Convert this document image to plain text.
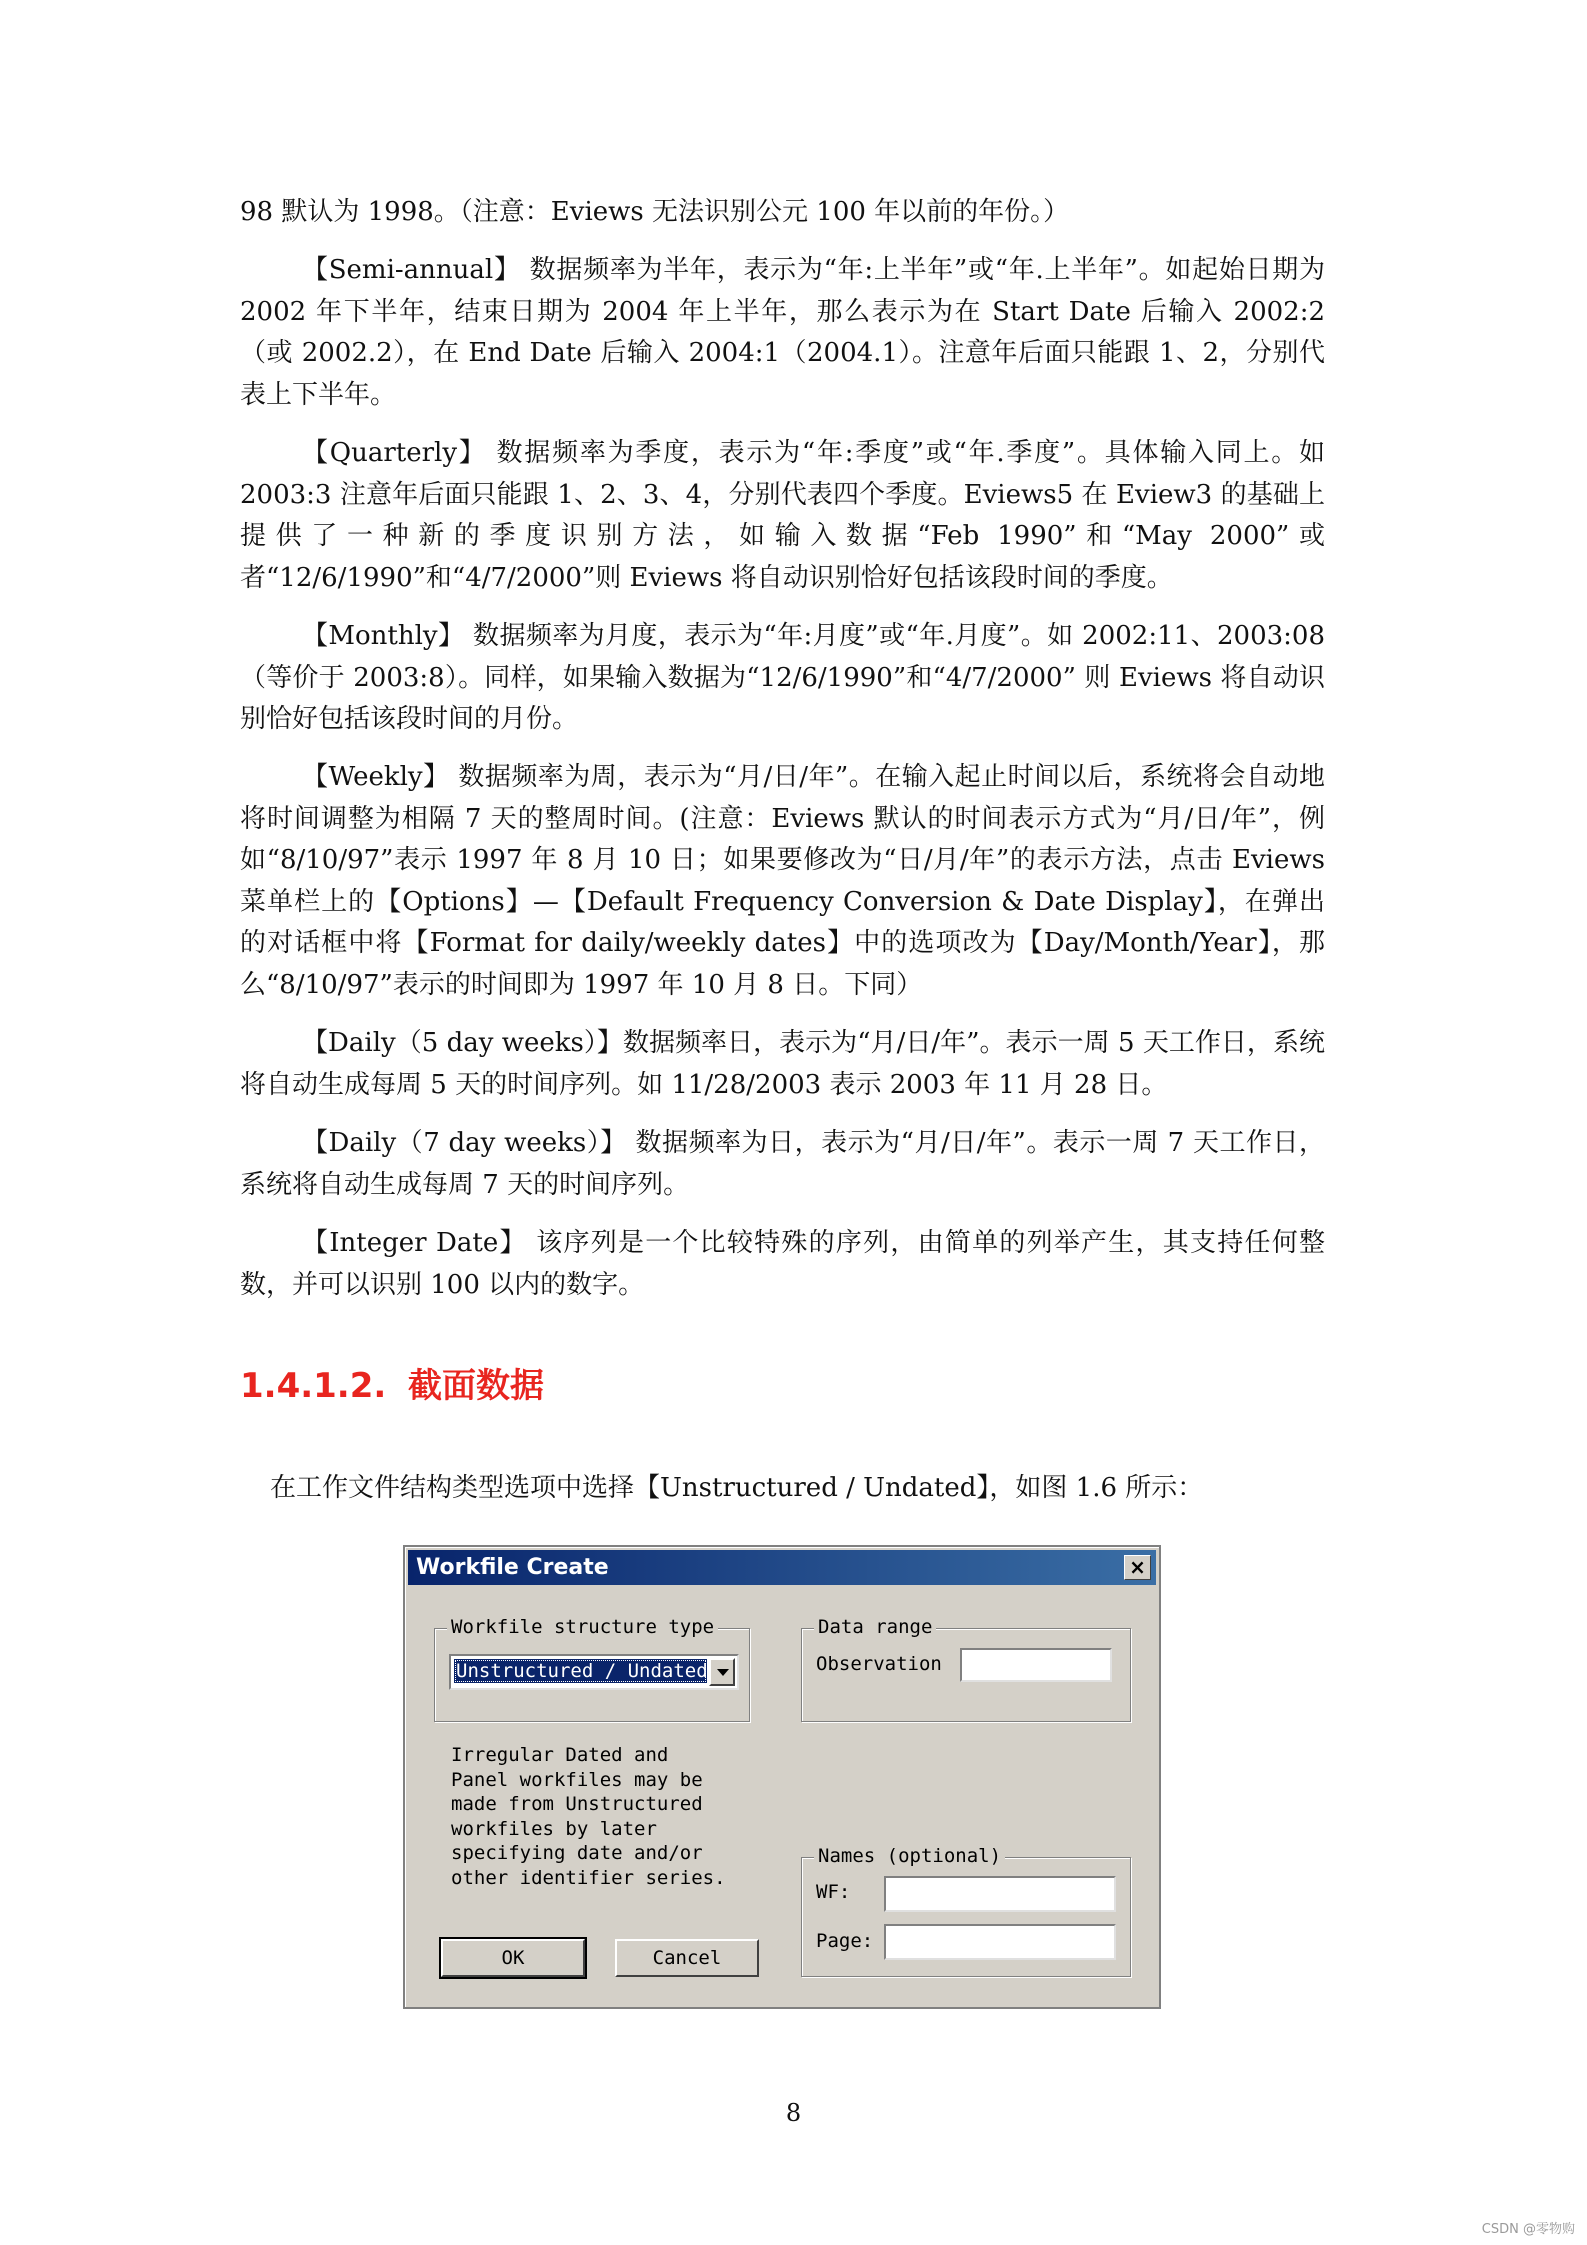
98 默认为 1998。（注意：Eviews 无法识别公元 100 年以前的年份。）

【Semi-annual】 数据频率为半年，表示为“年:上半年”或“年.上半年”。如起始日期为 2002 年下半年，结束日期为 2004 年上半年，那么表示为在 Start Date 后输入 2002:2（或 2002.2），在 End Date 后输入 2004:1（2004.1）。注意年后面只能跟 1、2，分别代表上下半年。

【Quarterly】 数据频率为季度，表示为“年:季度”或“年.季度”。具体输入同上。如 2003:3 注意年后面只能跟 1、2、3、4，分别代表四个季度。Eviews5 在 Eview3 的基础上提供了一种新的季度识别方法，如输入数据“Feb 1990”和“May 2000”或者“12/6/1990”和“4/7/2000”则 Eviews 将自动识别恰好包括该段时间的季度。

【Monthly】 数据频率为月度，表示为“年:月度”或“年.月度”。如 2002:11、2003:08（等价于 2003:8）。同样，如果输入数据为“12/6/1990”和“4/7/2000” 则 Eviews 将自动识别恰好包括该段时间的月份。

【Weekly】 数据频率为周，表示为“月/日/年”。在输入起止时间以后，系统将会自动地将时间调整为相隔 7 天的整周时间。(注意：Eviews 默认的时间表示方式为“月/日/年”，例如“8/10/97”表示 1997 年 8 月 10 日；如果要修改为“日/月/年”的表示方法，点击 Eviews 菜单栏上的【Options】—【Default Frequency Conversion & Date Display】，在弹出的对话框中将【Format for daily/weekly dates】中的选项改为【Day/Month/Year】，那么“8/10/97”表示的时间即为 1997 年 10 月 8 日。下同）

【Daily（5 day weeks）】数据频率日，表示为“月/日/年”。表示一周 5 天工作日，系统将自动生成每周 5 天的时间序列。如 11/28/2003 表示 2003 年 11 月 28 日。

【Daily（7 day weeks）】 数据频率为日，表示为“月/日/年”。表示一周 7 天工作日，系统将自动生成每周 7 天的时间序列。

【Integer Date】 该序列是一个比较特殊的序列，由简单的列举产生，其支持任何整数，并可以识别 100 以内的数字。

1.4.1.2. 截面数据

在工作文件结构类型选项中选择【Unstructured / Undated】，如图 1.6 所示：

Workfile Create	×
Workfile structure type
Unstructured / Undated
Data range
Observation
Irregular Dated and
Panel workfiles may be
made from Unstructured
workfiles by later
specifying date and/or
other identifier series.
Names (optional)
WF:
Page:
OK	Cancel
8
CSDN @零物购
